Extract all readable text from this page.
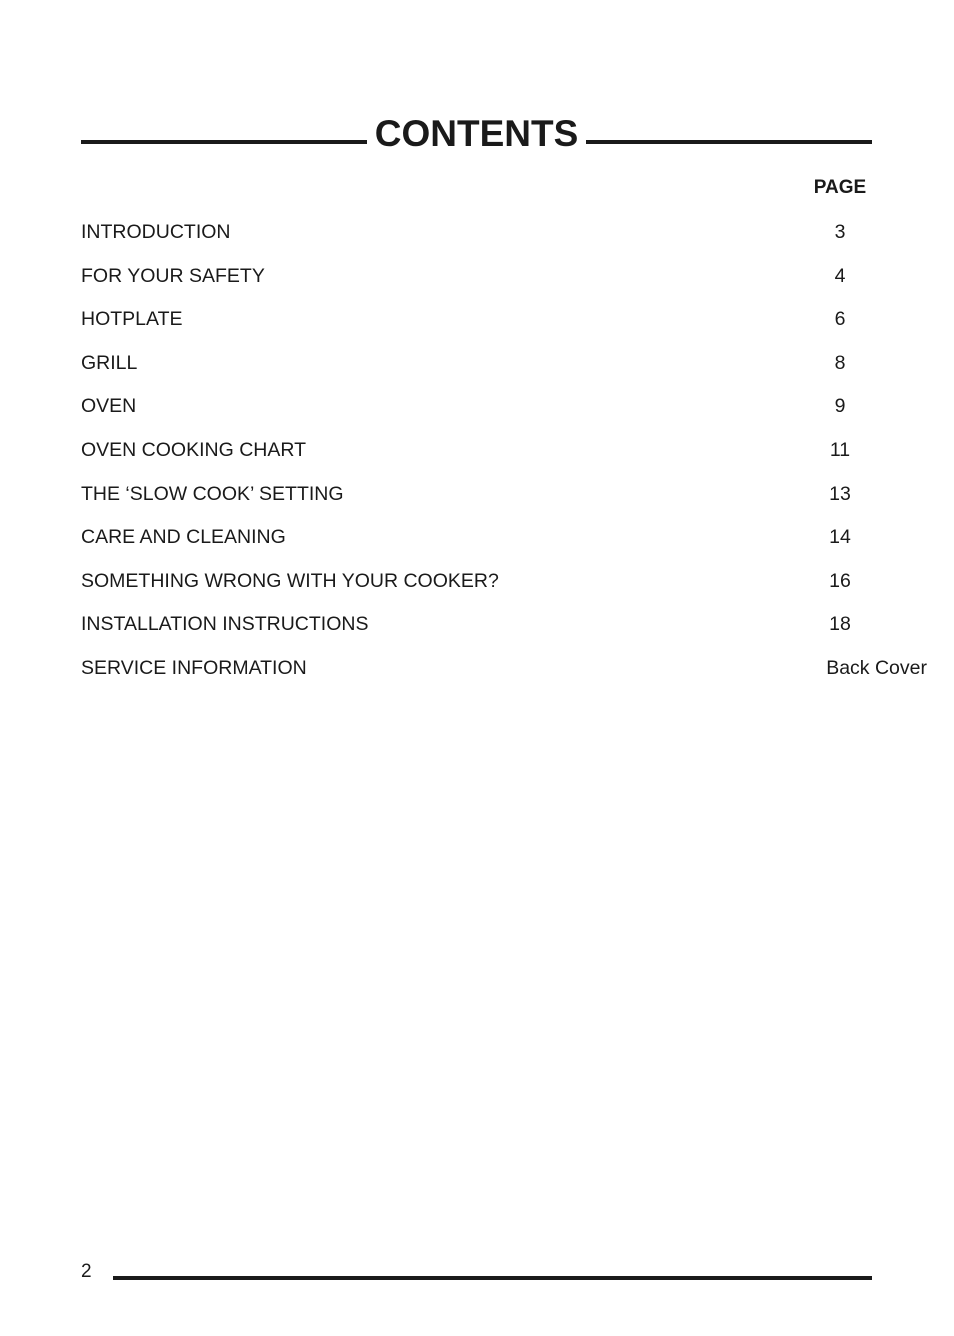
CONTENTS
PAGE
INTRODUCTION	3
FOR YOUR SAFETY	4
HOTPLATE	6
GRILL	8
OVEN	9
OVEN COOKING CHART	11
THE ‘SLOW COOK’ SETTING	13
CARE AND CLEANING	14
SOMETHING WRONG WITH YOUR COOKER?	16
INSTALLATION INSTRUCTIONS	18
SERVICE INFORMATION	Back Cover
2
